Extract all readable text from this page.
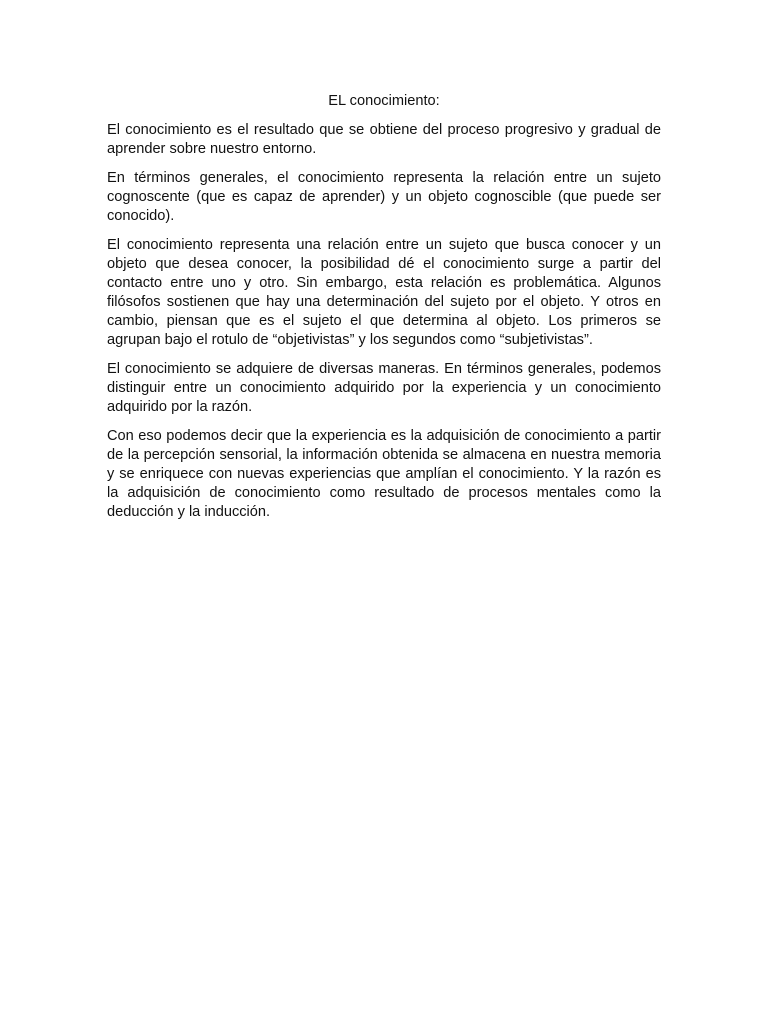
EL conocimiento:

El conocimiento es el resultado que se obtiene del proceso progresivo y gradual de aprender sobre nuestro entorno.

En términos generales, el conocimiento representa la relación entre un sujeto cognoscente (que es capaz de aprender) y un objeto cognoscible (que puede ser conocido).

El conocimiento representa una relación entre un sujeto que busca conocer y un objeto que desea conocer, la posibilidad dé el conocimiento surge a partir del contacto entre uno y otro. Sin embargo, esta relación es problemática. Algunos filósofos sostienen que hay una determinación del sujeto por el objeto. Y otros en cambio, piensan que es el sujeto el que determina al objeto. Los primeros se agrupan bajo el rotulo de “objetivistas” y los segundos como “subjetivistas”.

El conocimiento se adquiere de diversas maneras. En términos generales, podemos distinguir entre un conocimiento adquirido por la experiencia y un conocimiento adquirido por la razón.

Con eso podemos decir que la experiencia es la adquisición de conocimiento a partir de la percepción sensorial, la información obtenida se almacena en nuestra memoria y se enriquece con nuevas experiencias que amplían el conocimiento. Y la razón es la adquisición de conocimiento como resultado de procesos mentales como la deducción y la inducción.
